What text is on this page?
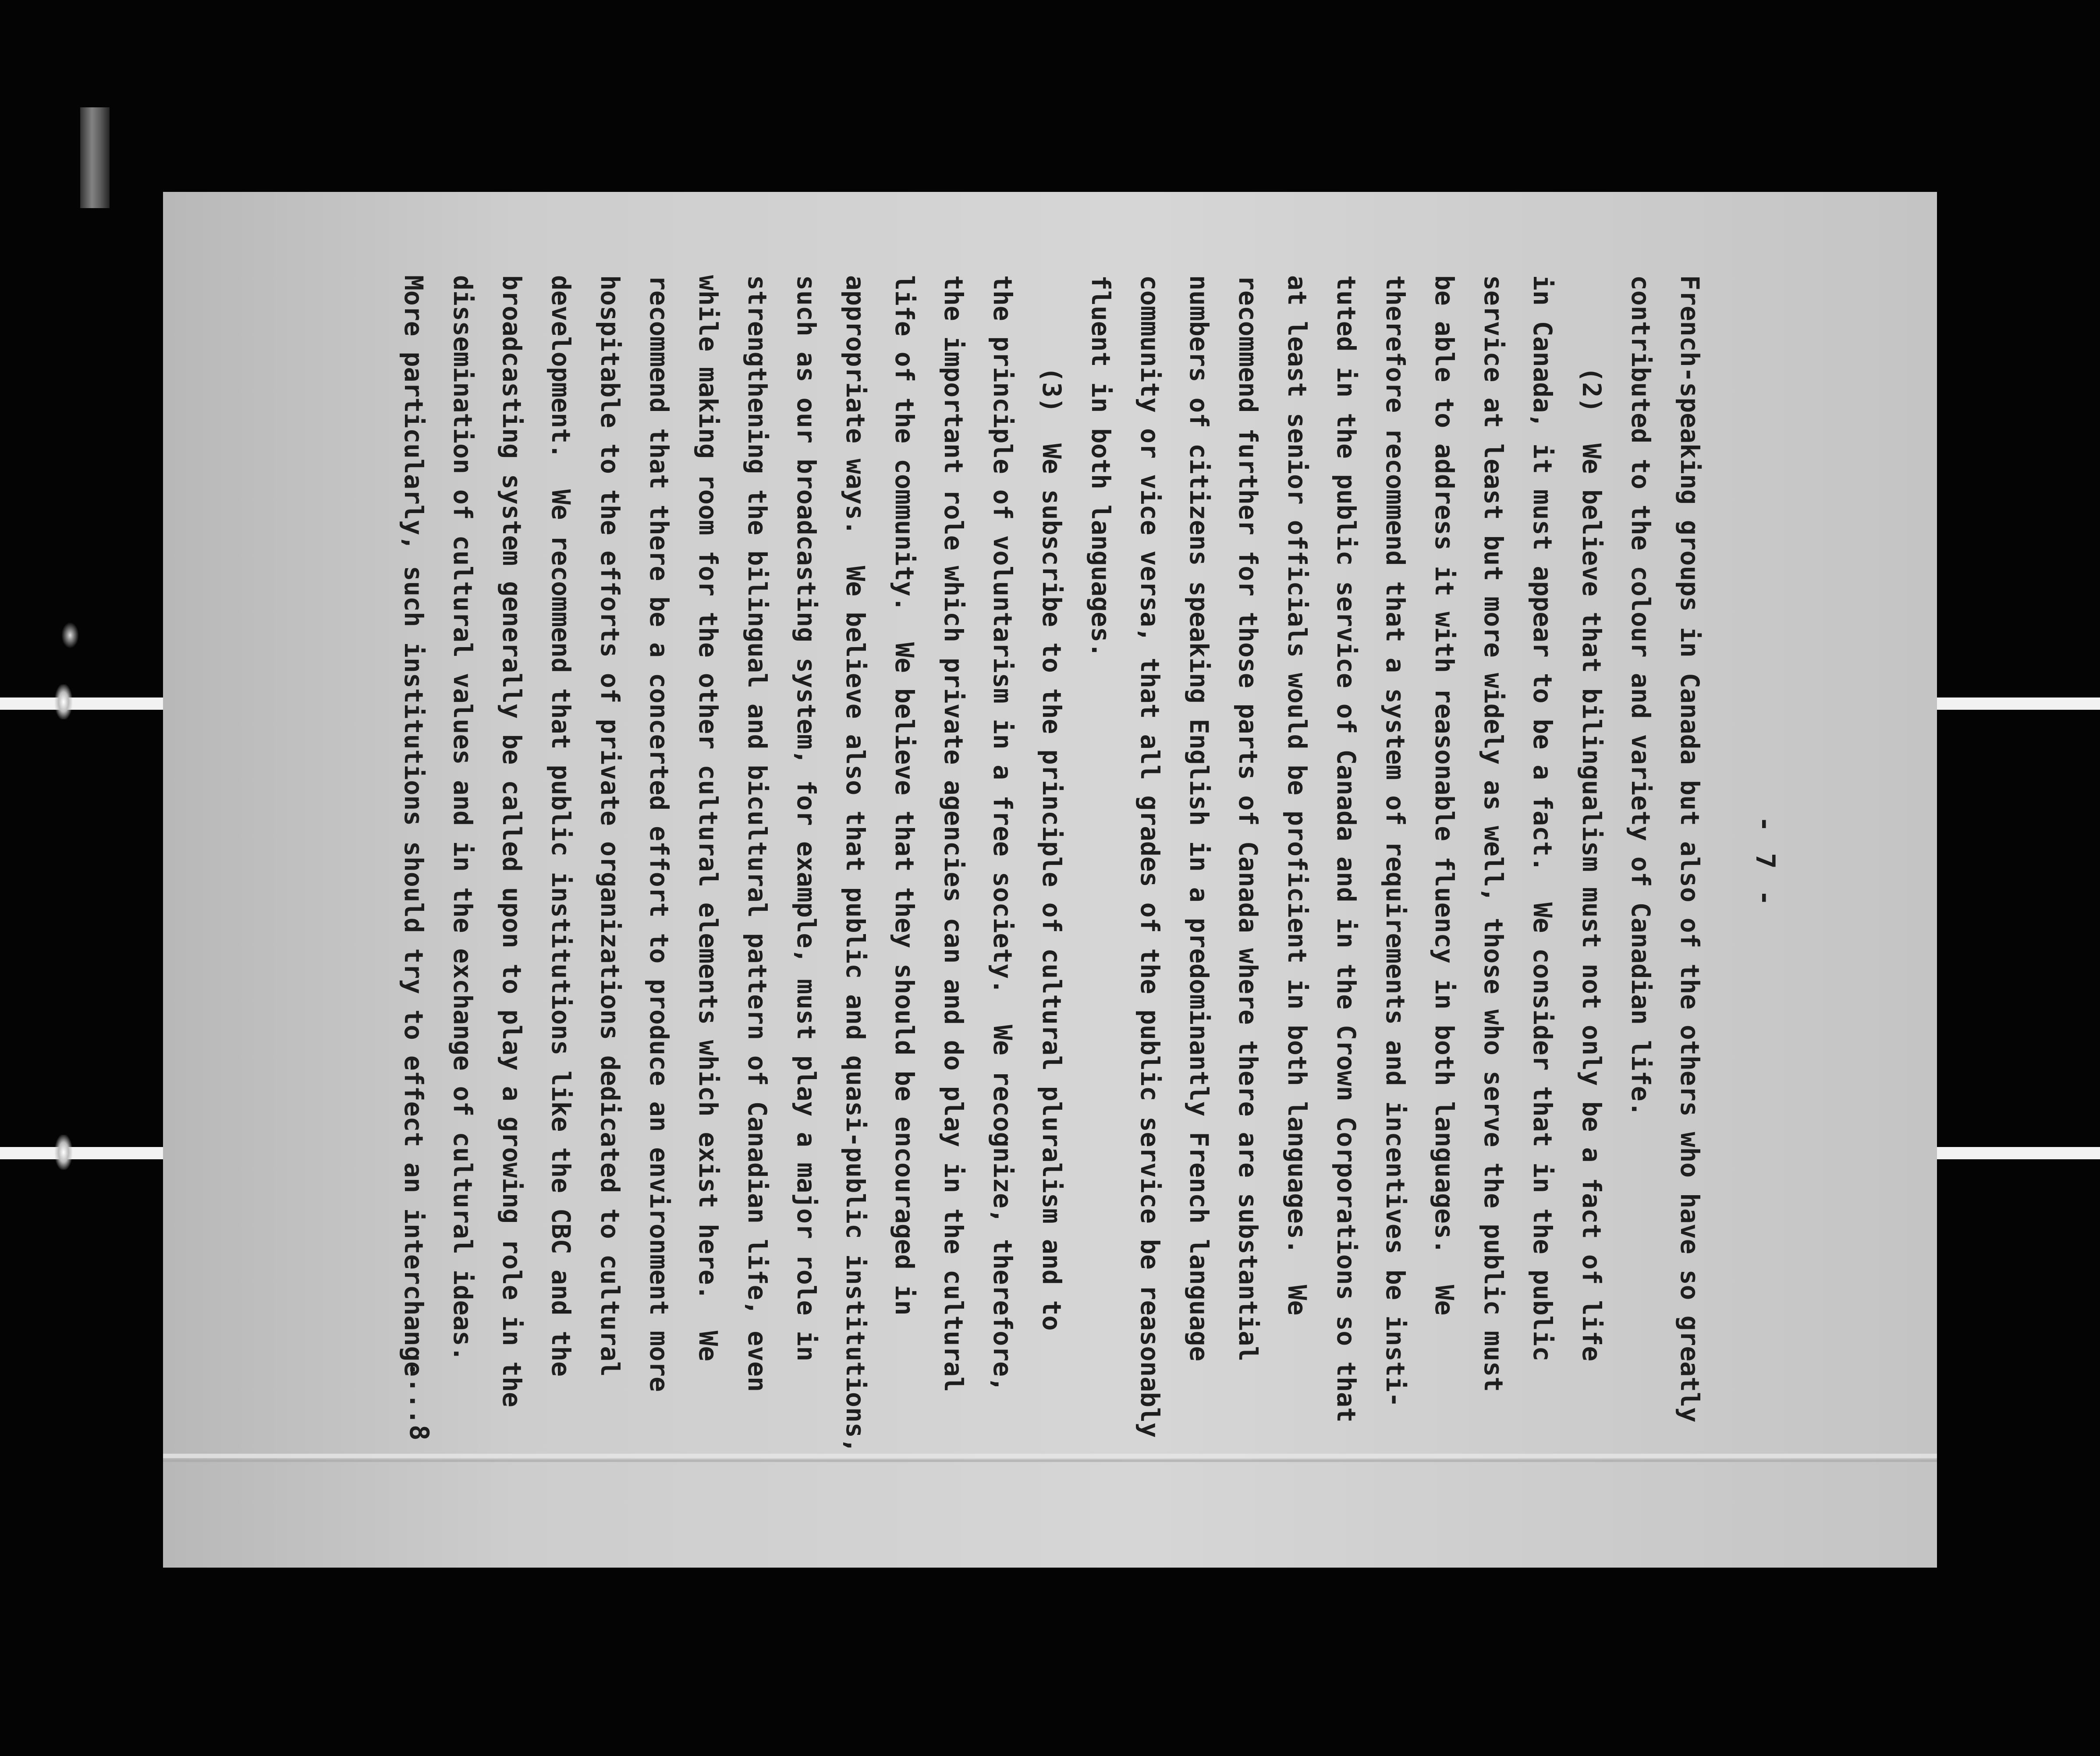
- 7 -
French-speaking groups in Canada but also of the others who have so greatly
contributed to the colour and variety of Canadian life.
(2)  We believe that bilingualism must not only be a fact of life
in Canada, it must appear to be a fact.  We consider that in the public
service at least but more widely as well, those who serve the public must
be able to address it with reasonable fluency in both languages.  We
therefore recommend that a system of requirements and incentives be insti-
tuted in the public service of Canada and in the Crown Corporations so that
at least senior officials would be proficient in both languages.  We
recommend further for those parts of Canada where there are substantial
numbers of citizens speaking English in a predominantly French language
community or vice versa, that all grades of the public service be reasonably
fluent in both languages.
(3)  We subscribe to the principle of cultural pluralism and to
the principle of voluntarism in a free society.  We recognize, therefore,
the important role which private agencies can and do play in the cultural
life of the community.  We believe that they should be encouraged in
appropriate ways.  We believe also that public and quasi-public institutions,
such as our broadcasting system, for example, must play a major role in
strengthening the bilingual and bicultural pattern of Canadian life, even
while making room for the other cultural elements which exist here.  We
recommend that there be a concerted effort to produce an environment more
hospitable to the efforts of private organizations dedicated to cultural
development.  We recommend that public institutions like the CBC and the
broadcasting system generally be called upon to play a growing role in the
dissemination of cultural values and in the exchange of cultural ideas.
More particularly, such institutions should try to effect an interchange
....8
